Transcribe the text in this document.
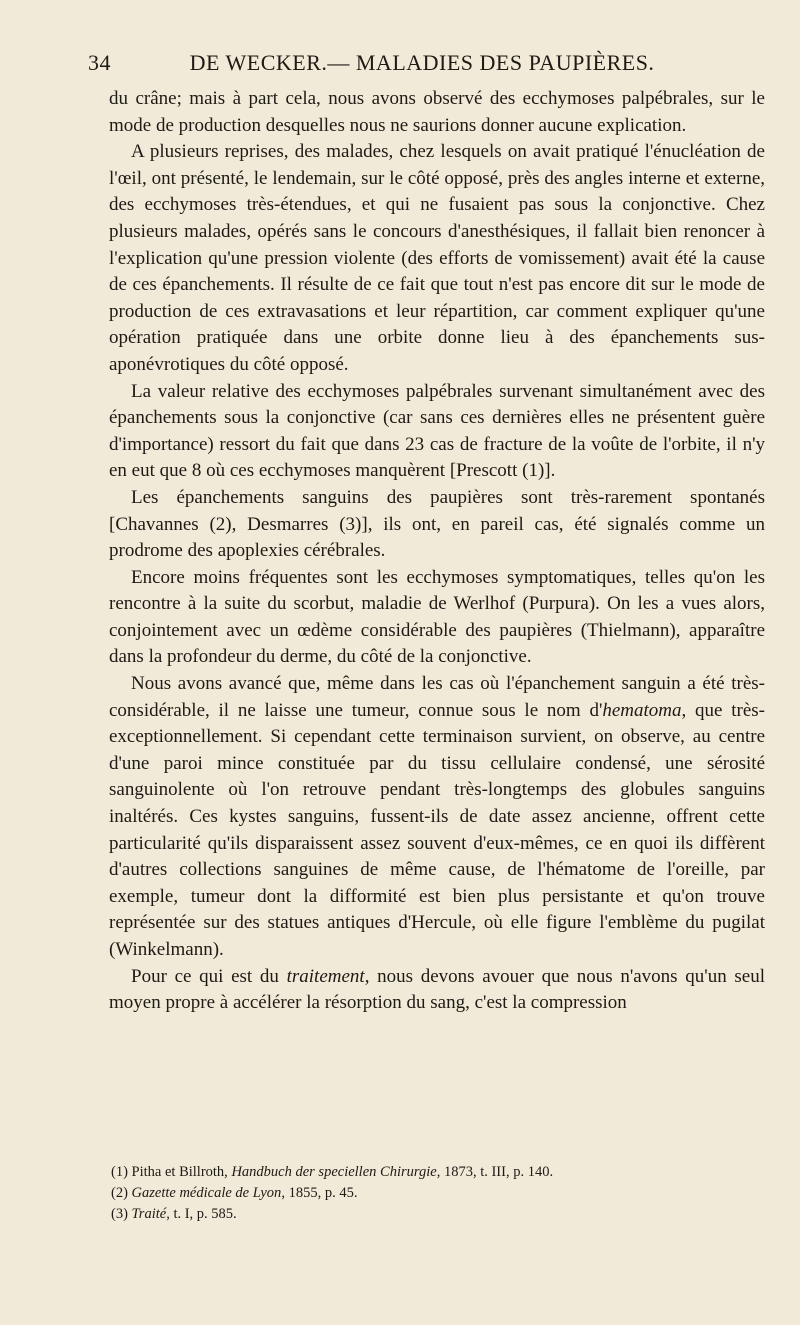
34	DE WECKER.— MALADIES DES PAUPIÈRES.

du crâne; mais à part cela, nous avons observé des ecchymoses palpébrales, sur le mode de production desquelles nous ne saurions donner aucune explication.

A plusieurs reprises, des malades, chez lesquels on avait pratiqué l'énucléation de l'œil, ont présenté, le lendemain, sur le côté opposé, près des angles interne et externe, des ecchymoses très-étendues, et qui ne fusaient pas sous la conjonctive. Chez plusieurs malades, opérés sans le concours d'anesthésiques, il fallait bien renoncer à l'explication qu'une pression violente (des efforts de vomissement) avait été la cause de ces épanchements. Il résulte de ce fait que tout n'est pas encore dit sur le mode de production de ces extravasations et leur répartition, car comment expliquer qu'une opération pratiquée dans une orbite donne lieu à des épanchements sus-aponévrotiques du côté opposé.

La valeur relative des ecchymoses palpébrales survenant simultanément avec des épanchements sous la conjonctive (car sans ces dernières elles ne présentent guère d'importance) ressort du fait que dans 23 cas de fracture de la voûte de l'orbite, il n'y en eut que 8 où ces ecchymoses manquèrent [Prescott (1)].

Les épanchements sanguins des paupières sont très-rarement spontanés [Chavannes (2), Desmarres (3)], ils ont, en pareil cas, été signalés comme un prodrome des apoplexies cérébrales.

Encore moins fréquentes sont les ecchymoses symptomatiques, telles qu'on les rencontre à la suite du scorbut, maladie de Werlhof (Purpura). On les a vues alors, conjointement avec un œdème considérable des paupières (Thielmann), apparaître dans la profondeur du derme, du côté de la conjonctive.

Nous avons avancé que, même dans les cas où l'épanchement sanguin a été très-considérable, il ne laisse une tumeur, connue sous le nom d'hematoma, que très-exceptionnellement. Si cependant cette terminaison survient, on observe, au centre d'une paroi mince constituée par du tissu cellulaire condensé, une sérosité sanguinolente où l'on retrouve pendant très-longtemps des globules sanguins inaltérés. Ces kystes sanguins, fussent-ils de date assez ancienne, offrent cette particularité qu'ils disparaissent assez souvent d'eux-mêmes, ce en quoi ils diffèrent d'autres collections sanguines de même cause, de l'hématome de l'oreille, par exemple, tumeur dont la difformité est bien plus persistante et qu'on trouve représentée sur des statues antiques d'Hercule, où elle figure l'emblème du pugilat (Winkelmann).

Pour ce qui est du traitement, nous devons avouer que nous n'avons qu'un seul moyen propre à accélérer la résorption du sang, c'est la compression

(1) Pitha et Billroth, Handbuch der speciellen Chirurgie, 1873, t. III, p. 140.

(2) Gazette médicale de Lyon, 1855, p. 45.

(3) Traité, t. I, p. 585.
